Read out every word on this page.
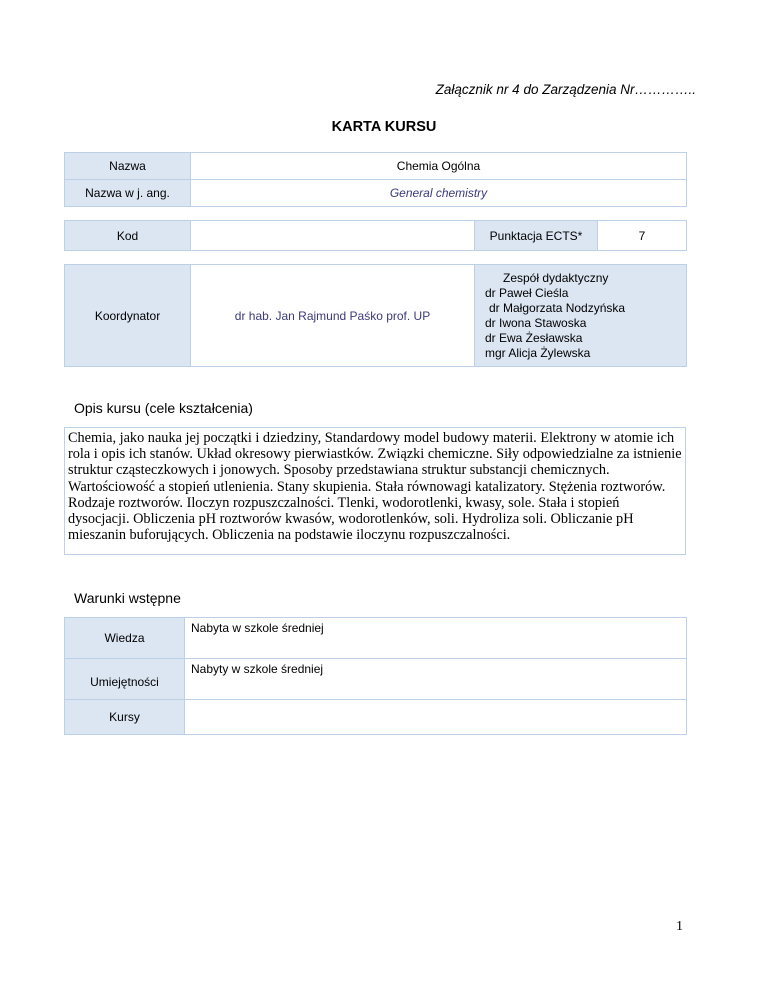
Załącznik nr 4 do Zarządzenia Nr…………..
KARTA KURSU
Nazwa	Chemia Ogólna
Nazwa w j. ang.	General chemistry
Kod		Punktacja ECTS*	7
Koordynator	dr hab. Jan Rajmund Paśko prof. UP	
Zespół dydaktyczny
dr Paweł Cieśla
dr Małgorzata Nodzyńska
dr Iwona Stawoska
dr Ewa Żesławska
mgr Alicja Żylewska
Opis kursu (cele kształcenia)
Chemia, jako nauka jej początki i dziedziny, Standardowy model budowy materii. Elektrony w atomie ich rola i opis ich stanów. Układ okresowy pierwiastków. Związki chemiczne. Siły odpowiedzialne za istnienie struktur cząsteczkowych i jonowych. Sposoby przedstawiana struktur substancji chemicznych. Wartościowość a stopień utlenienia. Stany skupienia. Stała równowagi katalizatory. Stężenia roztworów. Rodzaje roztworów. Iloczyn rozpuszczalności. Tlenki, wodorotlenki, kwasy, sole. Stała i stopień dysocjacji. Obliczenia pH roztworów kwasów, wodorotlenków, soli. Hydroliza soli. Obliczanie pH mieszanin buforujących. Obliczenia na podstawie iloczynu rozpuszczalności.
Warunki wstępne
Wiedza	Nabyta w szkole średniej
Umiejętności	Nabyty w szkole średniej
Kursy	
1
